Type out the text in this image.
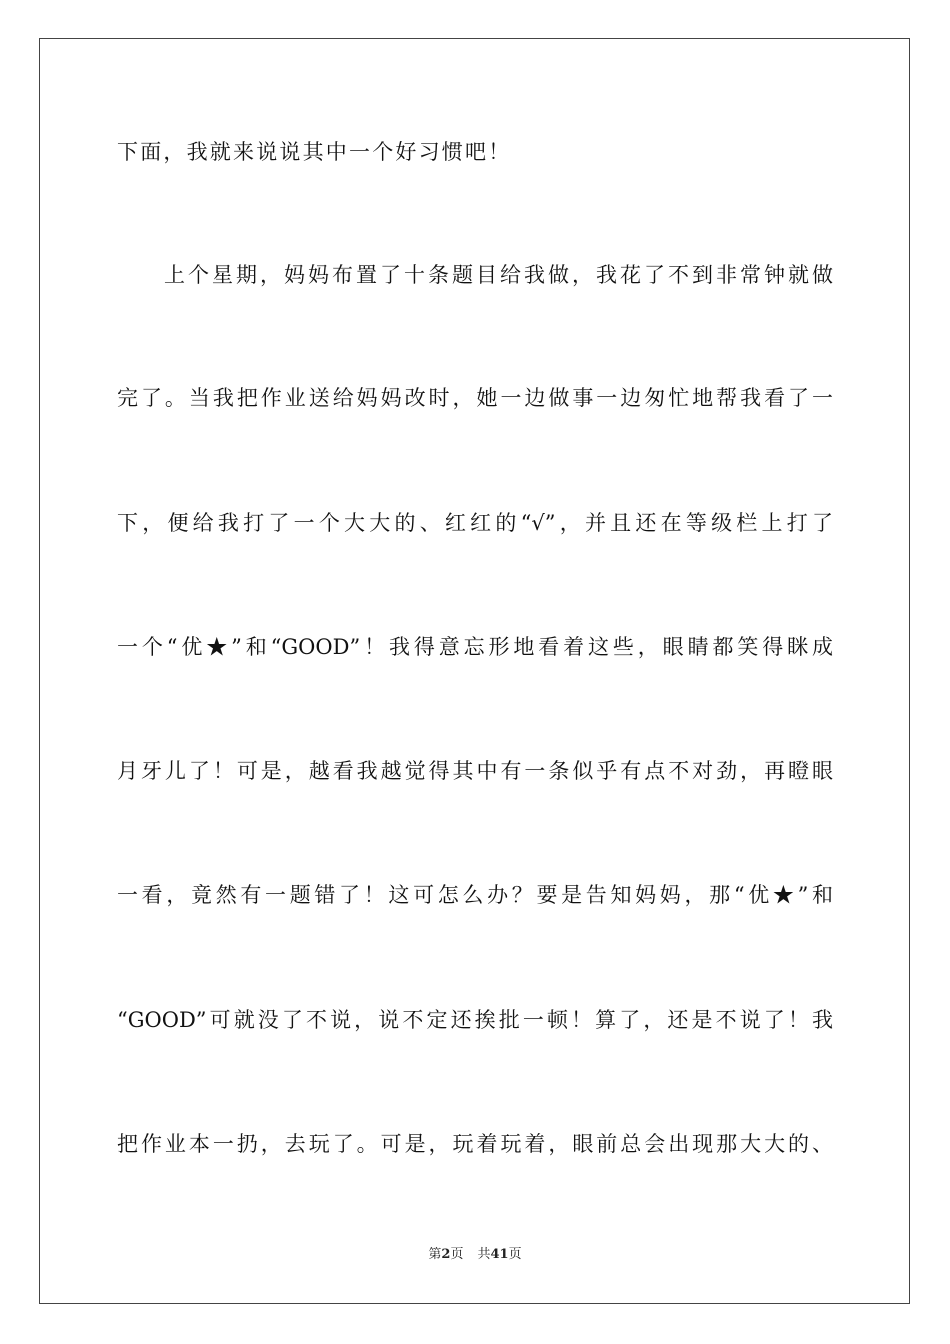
下面，我就来说说其中一个好习惯吧！
上个星期，妈妈布置了十条题目给我做，我花了不到非常钟就做
完了。当我把作业送给妈妈改时，她一边做事一边匆忙地帮我看了一
下，便给我打了一个大大的、红红的“√”，并且还在等级栏上打了
一个“优★”和“GOOD”！我得意忘形地看着这些，眼睛都笑得眯成
月牙儿了！可是，越看我越觉得其中有一条似乎有点不对劲，再瞪眼
一看，竟然有一题错了！这可怎么办？要是告知妈妈，那“优★”和
“GOOD”可就没了不说，说不定还挨批一顿！算了，还是不说了！我
把作业本一扔，去玩了。可是，玩着玩着，眼前总会出现那大大的、
第2页 共41页
